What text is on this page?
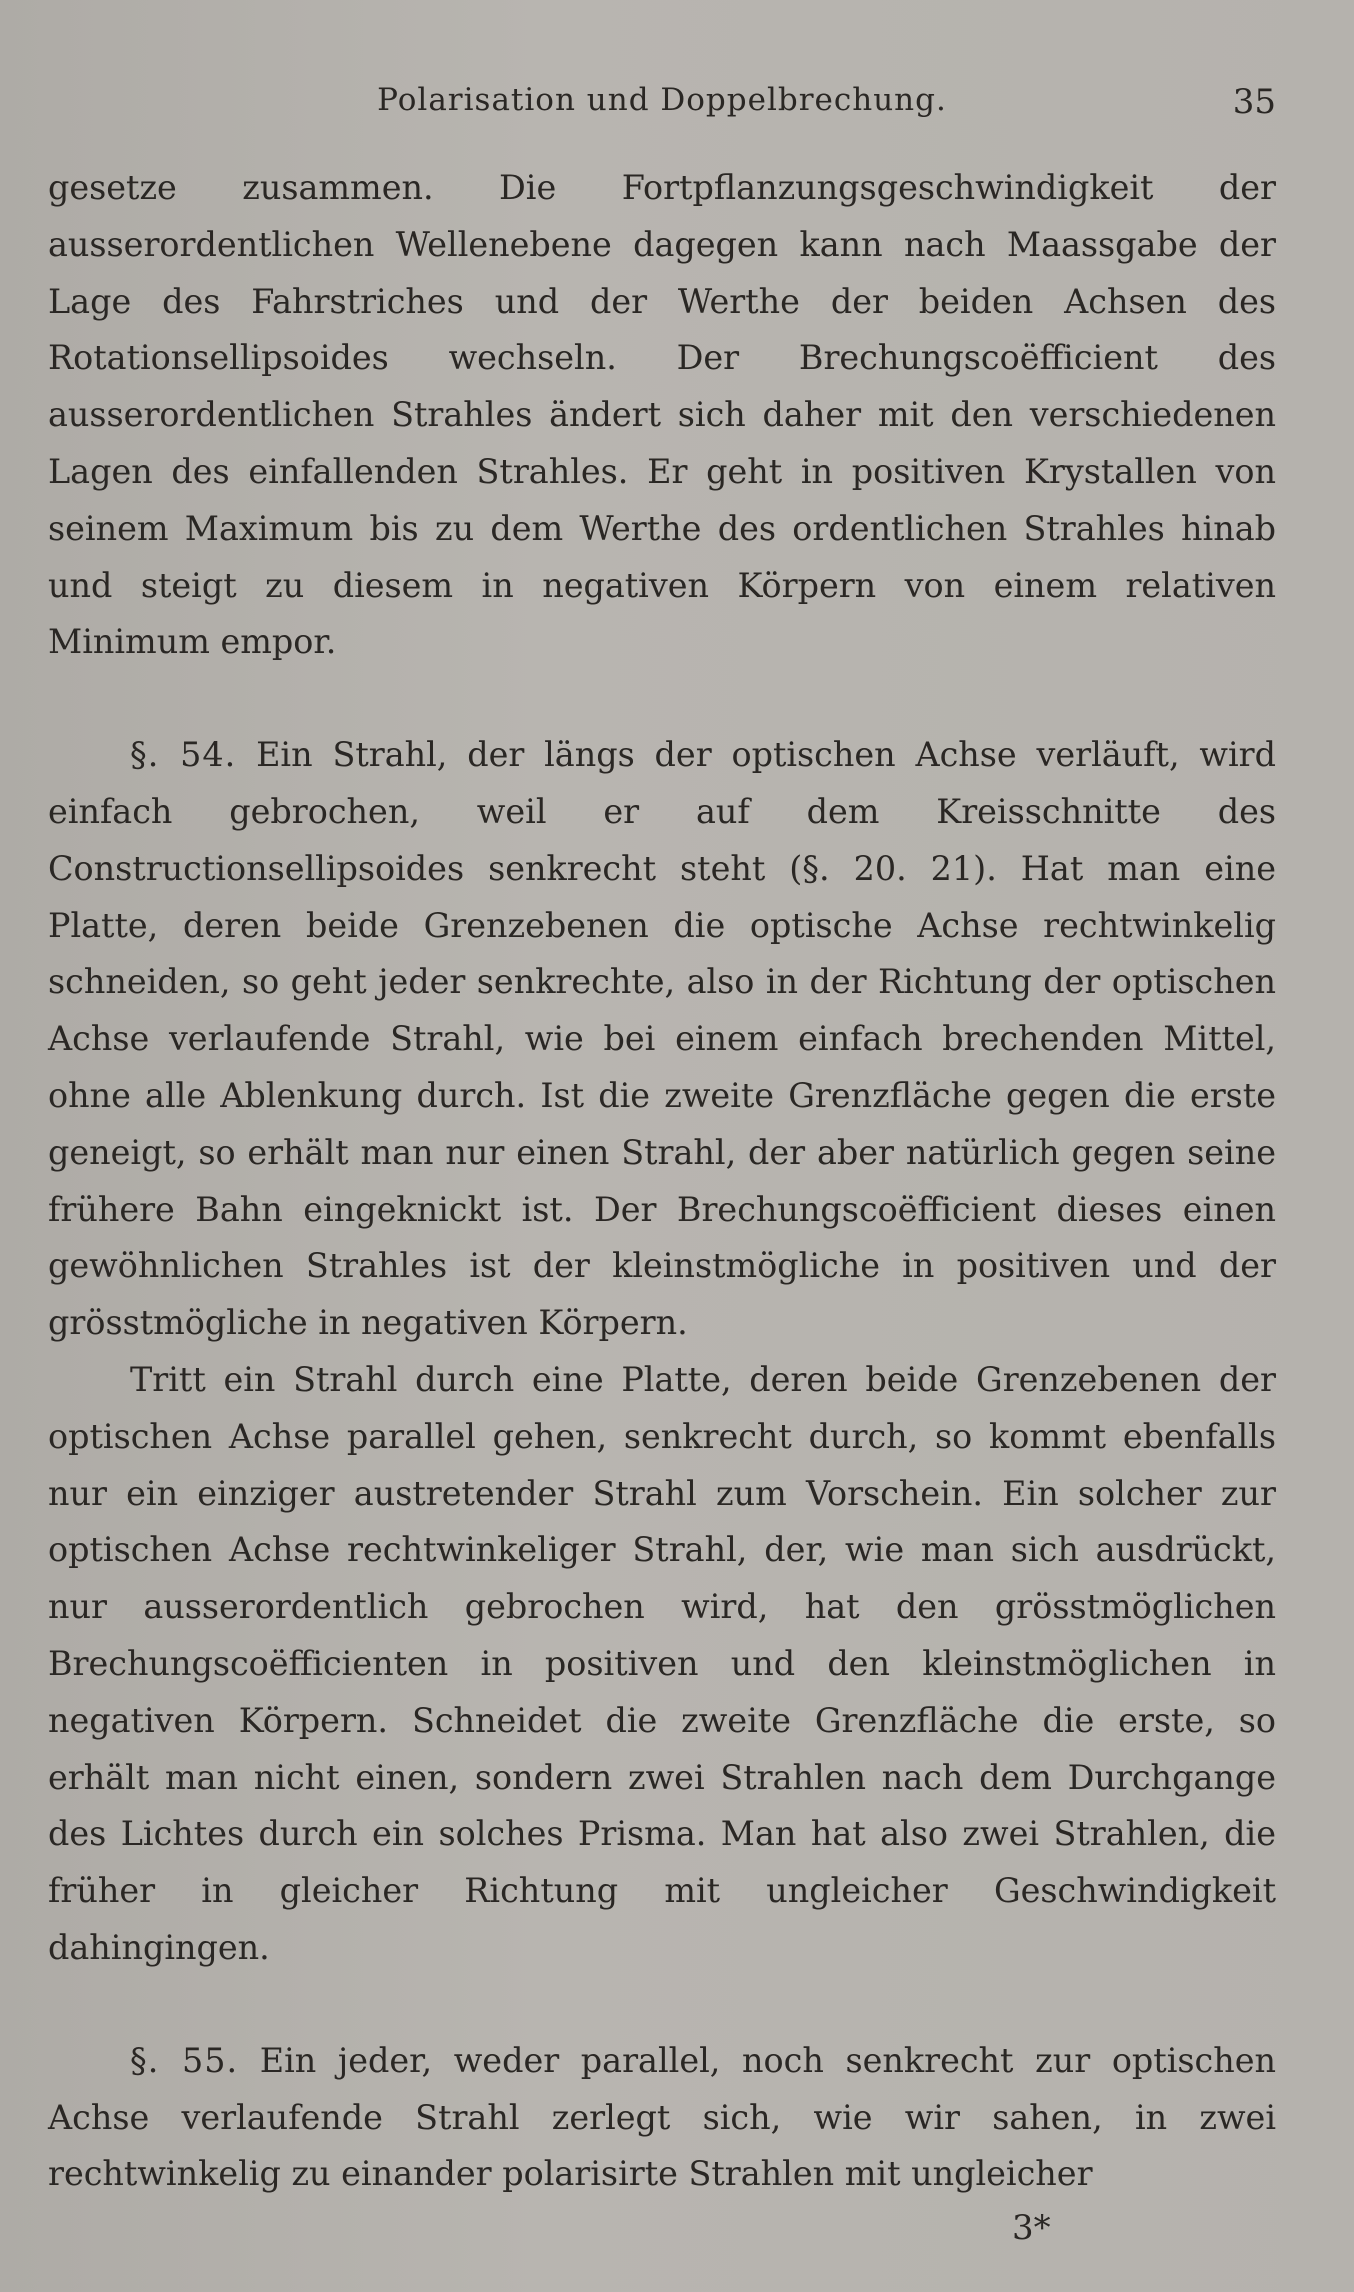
Polarisation und Doppelbrechung.	35

gesetze zusammen. Die Fortpflanzungsgeschwindigkeit der ausserordentlichen Wellenebene dagegen kann nach Maassgabe der Lage des Fahrstriches und der Werthe der beiden Achsen des Rotationsellipsoides wechseln. Der Brechungscoëfficient des ausserordentlichen Strahles ändert sich daher mit den verschiedenen Lagen des einfallenden Strahles. Er geht in positiven Krystallen von seinem Maximum bis zu dem Werthe des ordentlichen Strahles hinab und steigt zu diesem in negativen Körpern von einem relativen Minimum empor.

§. 54. Ein Strahl, der längs der optischen Achse verläuft, wird einfach gebrochen, weil er auf dem Kreisschnitte des Constructionsellipsoides senkrecht steht (§. 20. 21). Hat man eine Platte, deren beide Grenzebenen die optische Achse rechtwinkelig schneiden, so geht jeder senkrechte, also in der Richtung der optischen Achse verlaufende Strahl, wie bei einem einfach brechenden Mittel, ohne alle Ablenkung durch. Ist die zweite Grenzfläche gegen die erste geneigt, so erhält man nur einen Strahl, der aber natürlich gegen seine frühere Bahn eingeknickt ist. Der Brechungscoëfficient dieses einen gewöhnlichen Strahles ist der kleinstmögliche in positiven und der grösstmögliche in negativen Körpern.

Tritt ein Strahl durch eine Platte, deren beide Grenzebenen der optischen Achse parallel gehen, senkrecht durch, so kommt ebenfalls nur ein einziger austretender Strahl zum Vorschein. Ein solcher zur optischen Achse rechtwinkeliger Strahl, der, wie man sich ausdrückt, nur ausserordentlich gebrochen wird, hat den grösstmöglichen Brechungscoëfficienten in positiven und den kleinstmöglichen in negativen Körpern. Schneidet die zweite Grenzfläche die erste, so erhält man nicht einen, sondern zwei Strahlen nach dem Durchgange des Lichtes durch ein solches Prisma. Man hat also zwei Strahlen, die früher in gleicher Richtung mit ungleicher Geschwindigkeit dahingingen.

§. 55. Ein jeder, weder parallel, noch senkrecht zur optischen Achse verlaufende Strahl zerlegt sich, wie wir sahen, in zwei rechtwinkelig zu einander polarisirte Strahlen mit ungleicher

3*
